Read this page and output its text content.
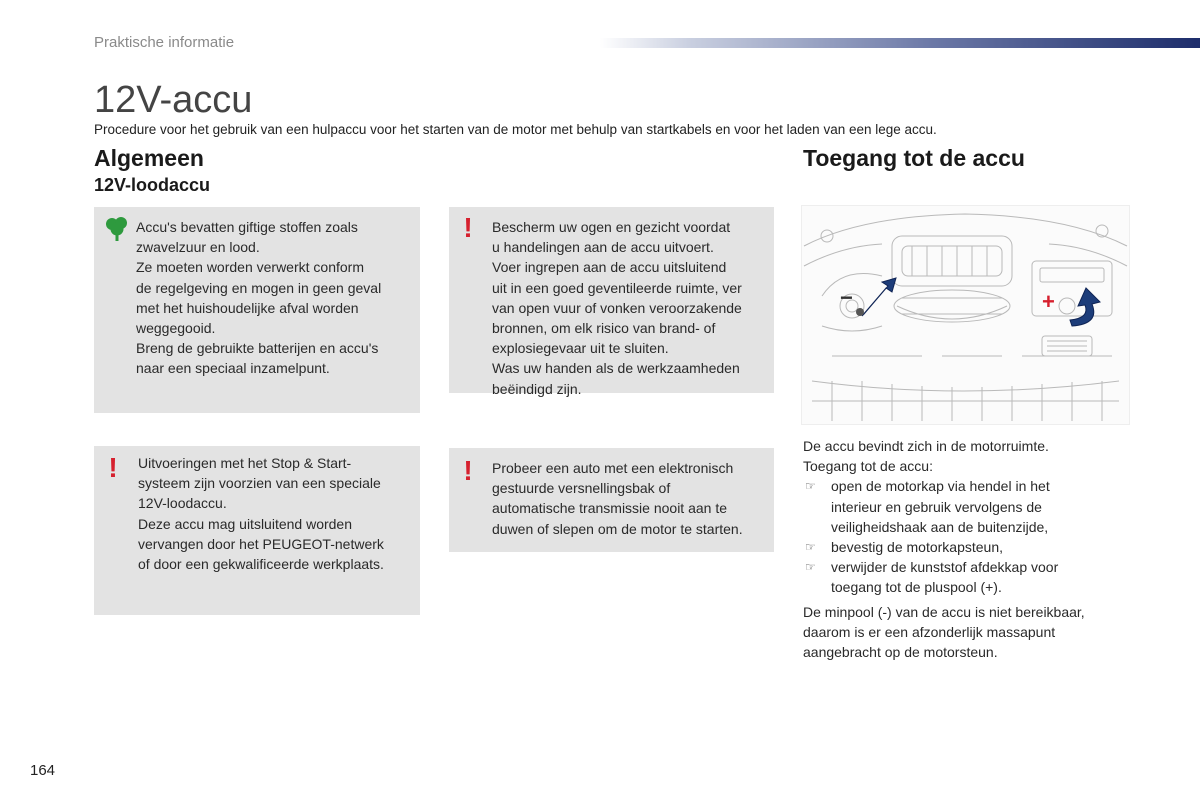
Praktische informatie
12V-accu
Procedure voor het gebruik van een hulpaccu voor het starten van de motor met behulp van startkabels en voor het laden van een lege accu.
Algemeen
12V-loodaccu
Toegang tot de accu
Accu's bevatten giftige stoffen zoals
zwavelzuur en lood.
Ze moeten worden verwerkt conform
de regelgeving en mogen in geen geval
met het huishoudelijke afval worden
weggegooid.
Breng de gebruikte batterijen en accu's
naar een speciaal inzamelpunt.
!	Bescherm uw ogen en gezicht voordat
u handelingen aan de accu uitvoert.
Voer ingrepen aan de accu uitsluitend
uit in een goed geventileerde ruimte, ver
van open vuur of vonken veroorzakende
bronnen, om elk risico van brand- of
explosiegevaar uit te sluiten.
Was uw handen als de werkzaamheden
beëindigd zijn.
!	Uitvoeringen met het Stop & Start-
systeem zijn voorzien van een speciale
12V-loodaccu.
Deze accu mag uitsluitend worden
vervangen door het PEUGEOT-netwerk
of door een gekwalificeerde werkplaats.
!	Probeer een auto met een elektronisch
gestuurde versnellingsbak of
automatische transmissie nooit aan te
duwen of slepen om de motor te starten.
−	+
De accu bevindt zich in de motorruimte.
Toegang tot de accu:
☞ open de motorkap via hendel in het
interieur en gebruik vervolgens de
veiligheidshaak aan de buitenzijde,
☞ bevestig de motorkapsteun,
☞ verwijder de kunststof afdekkap voor
toegang tot de pluspool (+).
De minpool (-) van de accu is niet bereikbaar,
daarom is er een afzonderlijk massapunt
aangebracht op de motorsteun.
164
